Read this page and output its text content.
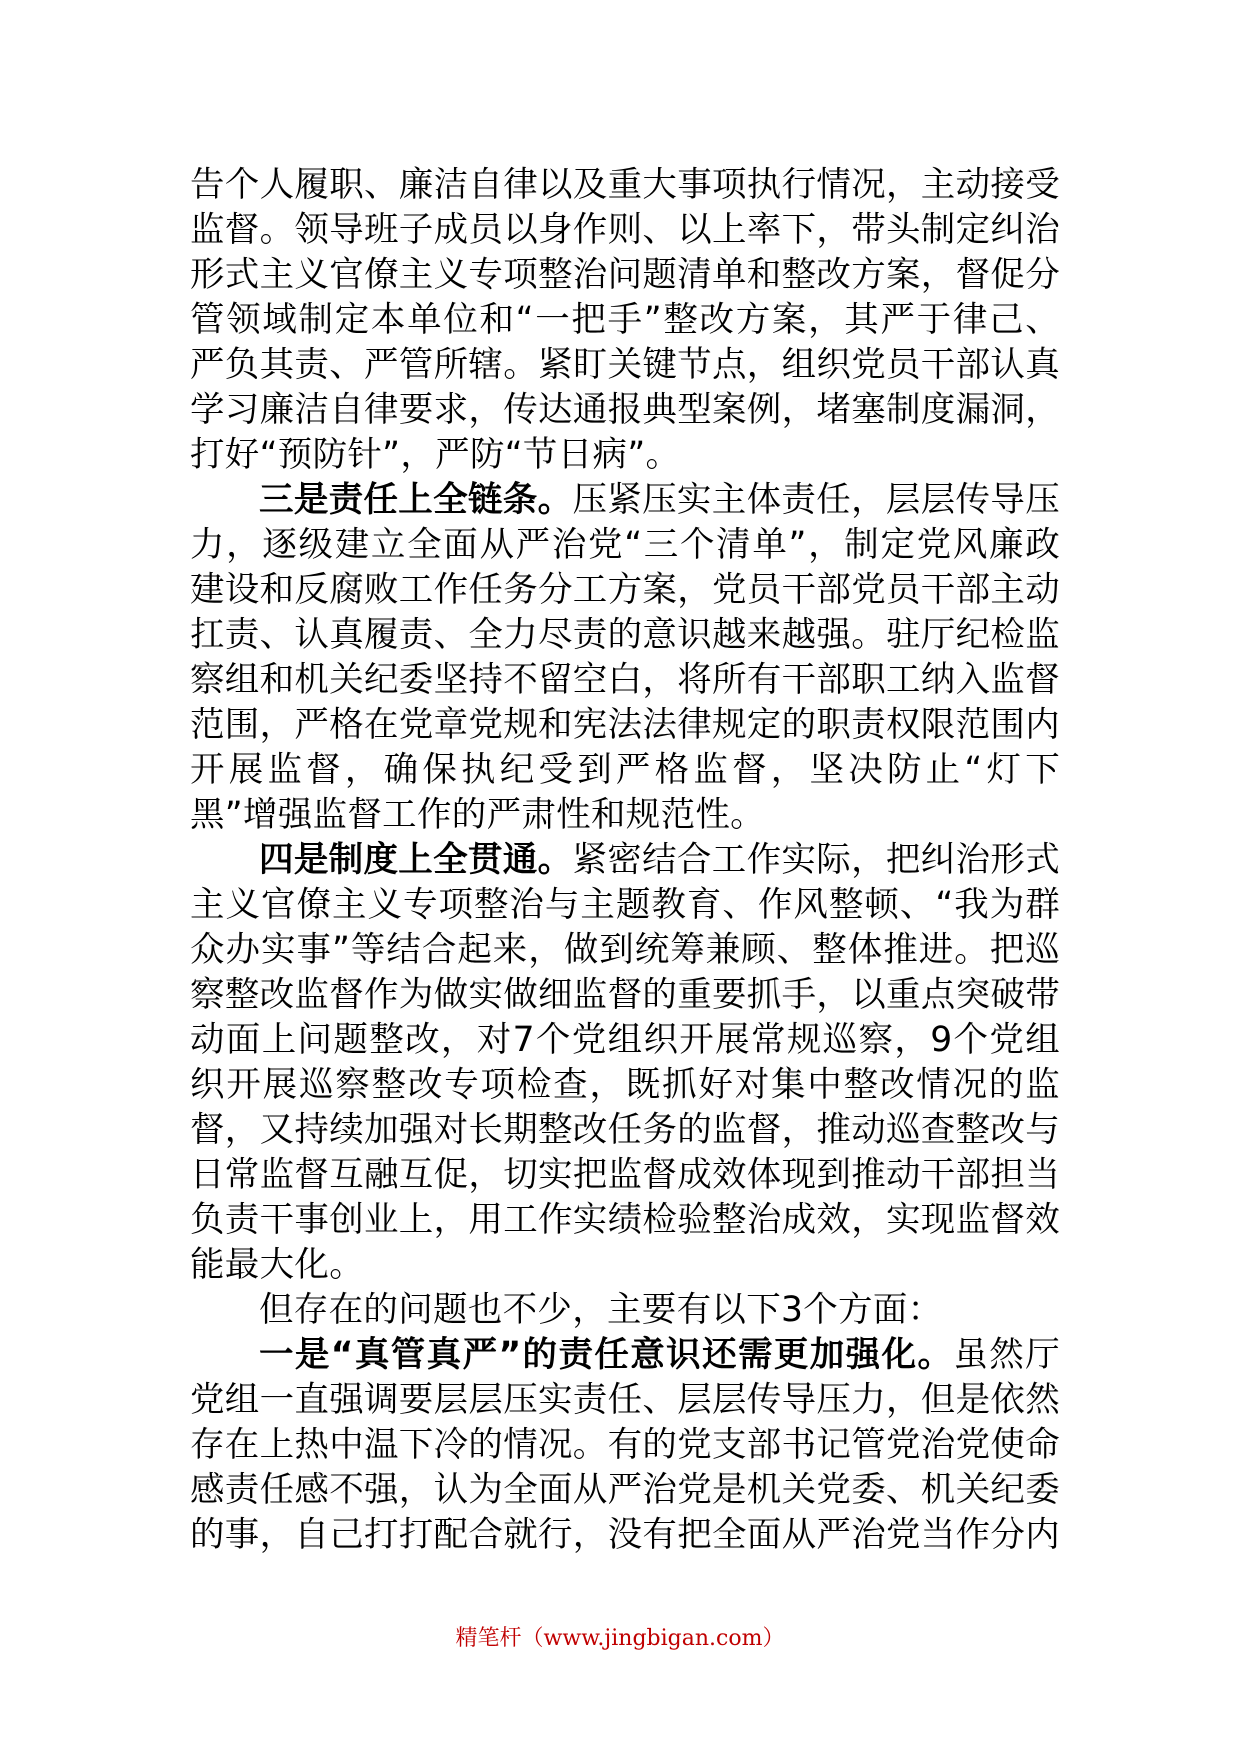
告个人履职、廉洁自律以及重大事项执行情况，主动接受监督。领导班子成员以身作则、以上率下，带头制定纠治形式主义官僚主义专项整治问题清单和整改方案，督促分管领域制定本单位和“一把手”整改方案，其严于律己、严负其责、严管所辖。紧盯关键节点，组织党员干部认真学习廉洁自律要求，传达通报典型案例，堵塞制度漏洞，打好“预防针”，严防“节日病”。

三是责任上全链条。压紧压实主体责任，层层传导压力，逐级建立全面从严治党“三个清单”，制定党风廉政建设和反腐败工作任务分工方案，党员干部党员干部主动扛责、认真履责、全力尽责的意识越来越强。驻厅纪检监察组和机关纪委坚持不留空白，将所有干部职工纳入监督范围，严格在党章党规和宪法法律规定的职责权限范围内开展监督，确保执纪受到严格监督，坚决防止“灯下黑”增强监督工作的严肃性和规范性。

四是制度上全贯通。紧密结合工作实际，把纠治形式主义官僚主义专项整治与主题教育、作风整顿、“我为群众办实事”等结合起来，做到统筹兼顾、整体推进。把巡察整改监督作为做实做细监督的重要抓手，以重点突破带动面上问题整改，对7个党组织开展常规巡察，9个党组织开展巡察整改专项检查，既抓好对集中整改情况的监督，又持续加强对长期整改任务的监督，推动巡查整改与日常监督互融互促，切实把监督成效体现到推动干部担当负责干事创业上，用工作实绩检验整治成效，实现监督效能最大化。

但存在的问题也不少，主要有以下3个方面：

一是“真管真严”的责任意识还需更加强化。虽然厅党组一直强调要层层压实责任、层层传导压力，但是依然存在上热中温下冷的情况。有的党支部书记管党治党使命感责任感不强，认为全面从严治党是机关党委、机关纪委的事，自己打打配合就行，没有把全面从严治党当作分内

精笔杆（www.jingbigan.com）
